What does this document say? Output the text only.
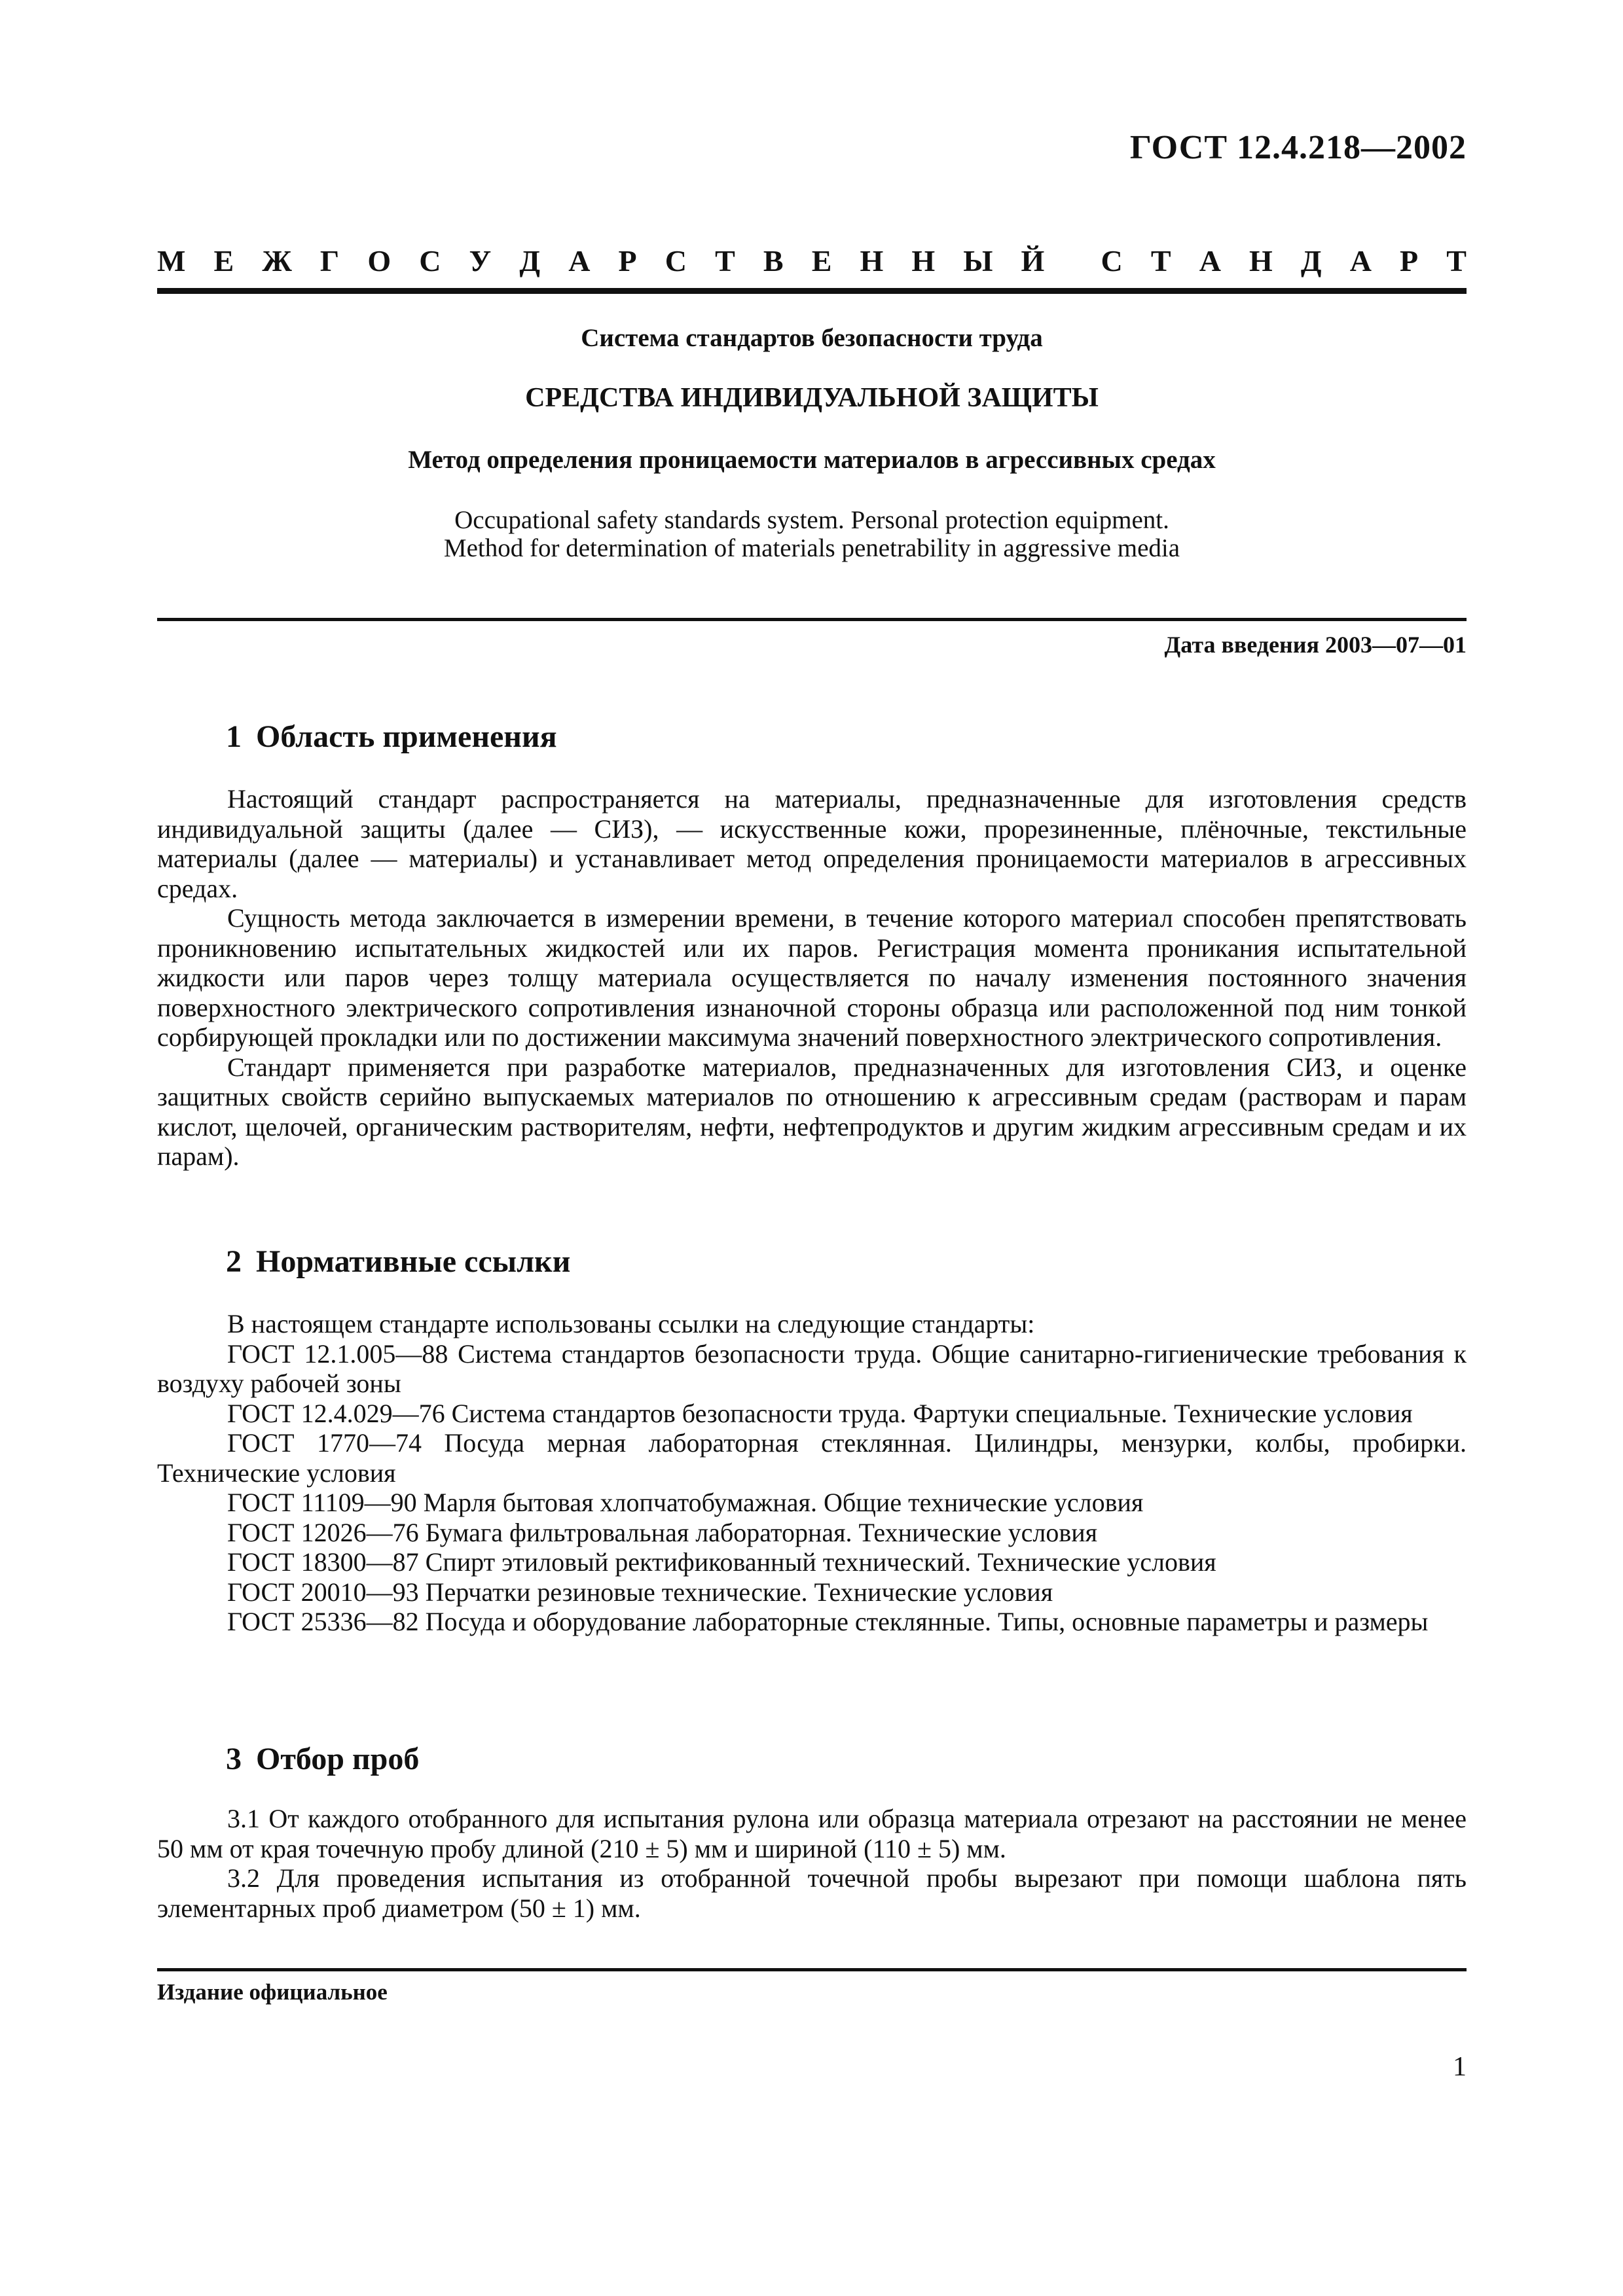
ГОСТ 12.4.218—2002
М Е Ж Г О С У Д А Р С Т В Е Н Н Ы Й С Т А Н Д А Р Т
Система стандартов безопасности труда
СРЕДСТВА ИНДИВИДУАЛЬНОЙ ЗАЩИТЫ
Метод определения проницаемости материалов в агрессивных средах
Occupational safety standards system. Personal protection equipment.
Method for determination of materials penetrability in aggressive media
Дата введения 2003—07—01
1 Область применения

Настоящий стандарт распространяется на материалы, предназначенные для изготовления средств индивидуальной защиты (далее — СИЗ), — искусственные кожи, прорезиненные, плёночные, текстильные материалы (далее — материалы) и устанавливает метод определения проницаемости материалов в агрессивных средах.

Сущность метода заключается в измерении времени, в течение которого материал способен препятствовать проникновению испытательных жидкостей или их паров. Регистрация момента проникания испытательной жидкости или паров через толщу материала осуществляется по началу изменения постоянного значения поверхностного электрического сопротивления изнаночной стороны образца или расположенной под ним тонкой сорбирующей прокладки или по достижении максимума значений поверхностного электрического сопротивления.

Стандарт применяется при разработке материалов, предназначенных для изготовления СИЗ, и оценке защитных свойств серийно выпускаемых материалов по отношению к агрессивным средам (растворам и парам кислот, щелочей, органическим растворителям, нефти, нефтепродуктов и другим жидким агрессивным средам и их парам).

2 Нормативные ссылки

В настоящем стандарте использованы ссылки на следующие стандарты:

ГОСТ 12.1.005—88 Система стандартов безопасности труда. Общие санитарно-гигиенические требования к воздуху рабочей зоны

ГОСТ 12.4.029—76 Система стандартов безопасности труда. Фартуки специальные. Технические условия

ГОСТ 1770—74 Посуда мерная лабораторная стеклянная. Цилиндры, мензурки, колбы, пробирки. Технические условия

ГОСТ 11109—90 Марля бытовая хлопчатобумажная. Общие технические условия

ГОСТ 12026—76 Бумага фильтровальная лабораторная. Технические условия

ГОСТ 18300—87 Спирт этиловый ректификованный технический. Технические условия

ГОСТ 20010—93 Перчатки резиновые технические. Технические условия

ГОСТ 25336—82 Посуда и оборудование лабораторные стеклянные. Типы, основные параметры и размеры

3 Отбор проб

3.1 От каждого отобранного для испытания рулона или образца материала отрезают на расстоянии не менее 50 мм от края точечную пробу длиной (210 ± 5) мм и шириной (110 ± 5) мм.

3.2 Для проведения испытания из отобранной точечной пробы вырезают при помощи шаблона пять элементарных проб диаметром (50 ± 1) мм.

Издание официальное
1
